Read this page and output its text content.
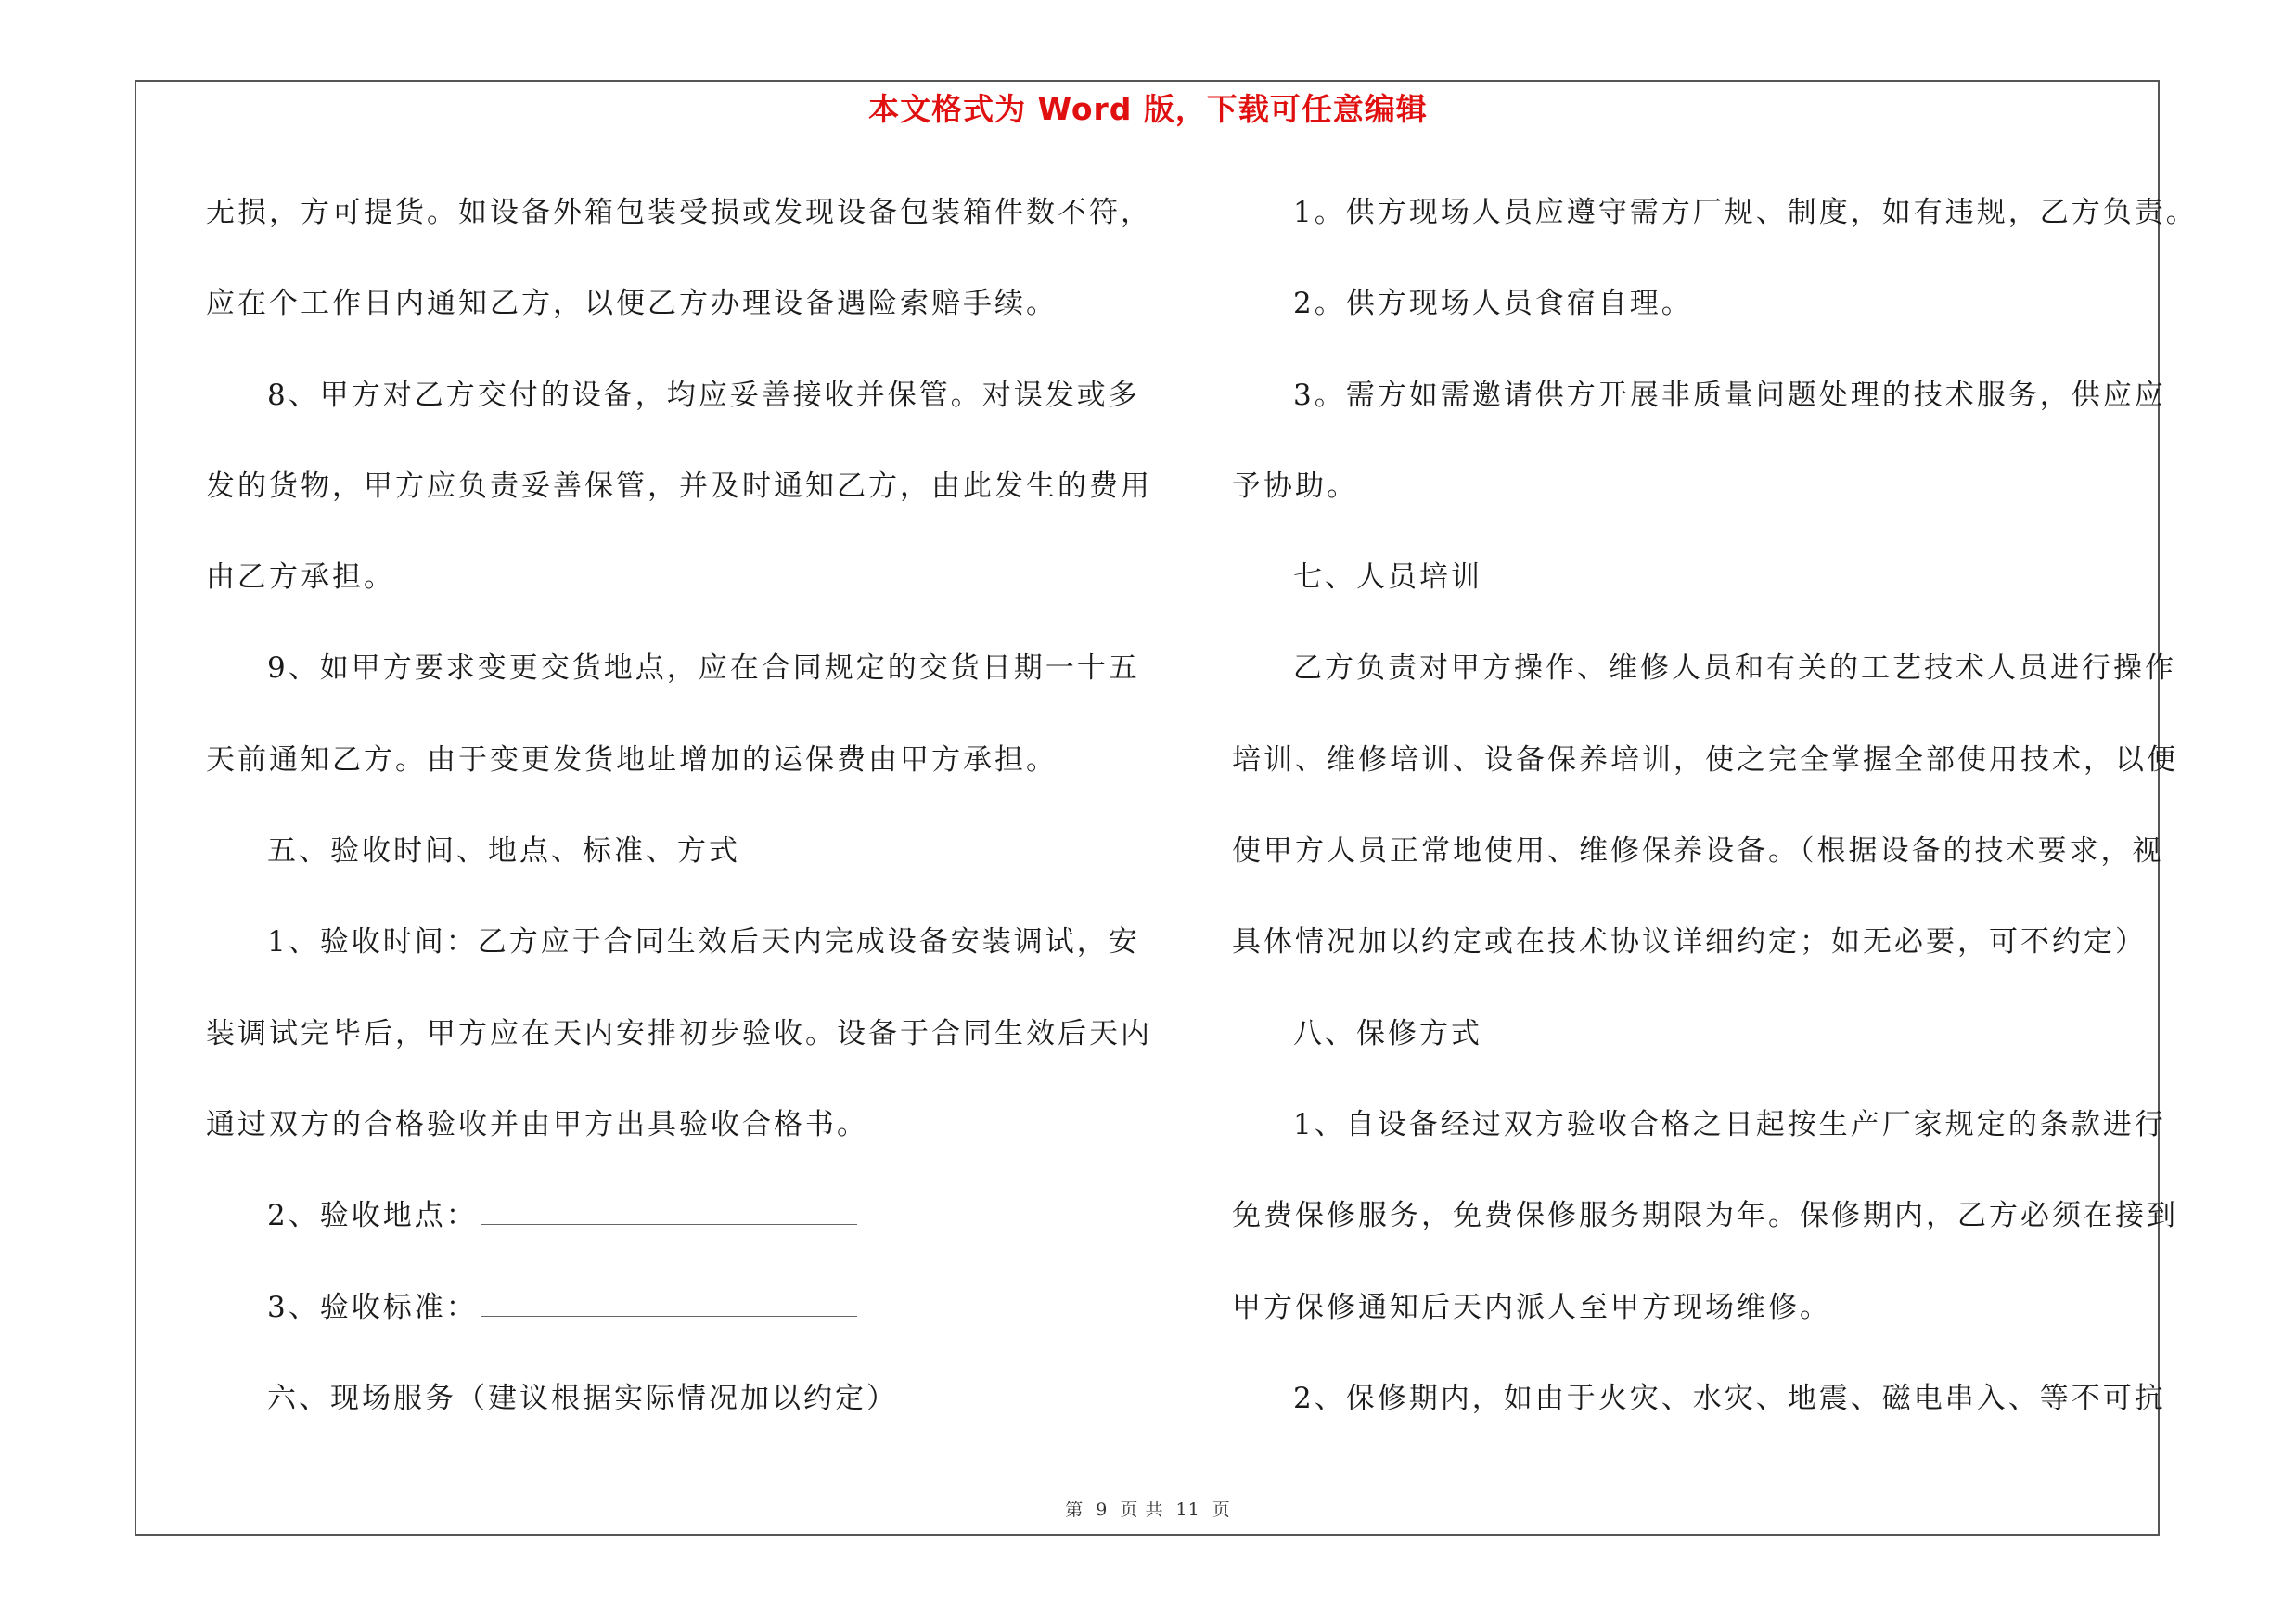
本文格式为 Word 版，下载可任意编辑
无损，方可提货。如设备外箱包装受损或发现设备包装箱件数不符，
应在个工作日内通知乙方，以便乙方办理设备遇险索赔手续。
8、甲方对乙方交付的设备，均应妥善接收并保管。对误发或多
发的货物，甲方应负责妥善保管，并及时通知乙方，由此发生的费用
由乙方承担。
9、如甲方要求变更交货地点，应在合同规定的交货日期一十五
天前通知乙方。由于变更发货地址增加的运保费由甲方承担。
五、验收时间、地点、标准、方式
1、验收时间：乙方应于合同生效后天内完成设备安装调试，安
装调试完毕后，甲方应在天内安排初步验收。设备于合同生效后天内
通过双方的合格验收并由甲方出具验收合格书。
2、验收地点：
3、验收标准：
六、现场服务（建议根据实际情况加以约定）
1。供方现场人员应遵守需方厂规、制度，如有违规，乙方负责。
2。供方现场人员食宿自理。
3。需方如需邀请供方开展非质量问题处理的技术服务，供应应
予协助。
七、人员培训
乙方负责对甲方操作、维修人员和有关的工艺技术人员进行操作
培训、维修培训、设备保养培训，使之完全掌握全部使用技术，以便
使甲方人员正常地使用、维修保养设备。（根据设备的技术要求，视
具体情况加以约定或在技术协议详细约定；如无必要，可不约定）
八、保修方式
1、自设备经过双方验收合格之日起按生产厂家规定的条款进行
免费保修服务，免费保修服务期限为年。保修期内，乙方必须在接到
甲方保修通知后天内派人至甲方现场维修。
2、保修期内，如由于火灾、水灾、地震、磁电串入、等不可抗
第 9 页 共 11 页
